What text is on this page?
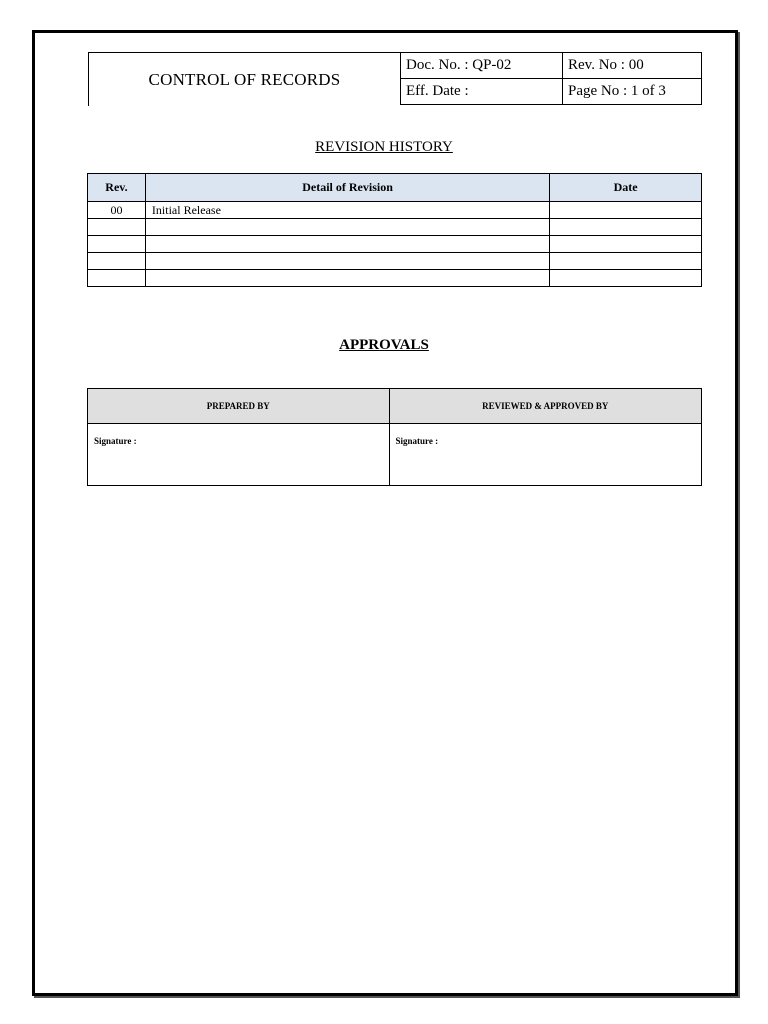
CONTROL OF RECORDS
Doc. No. : QP-02	Rev. No : 00
Eff. Date :	Page No : 1 of 3
REVISION HISTORY
Rev.	Detail of Revision	Date
00	Initial Release	

APPROVALS
PREPARED BY	REVIEWED & APPROVED BY
Signature :	Signature :
